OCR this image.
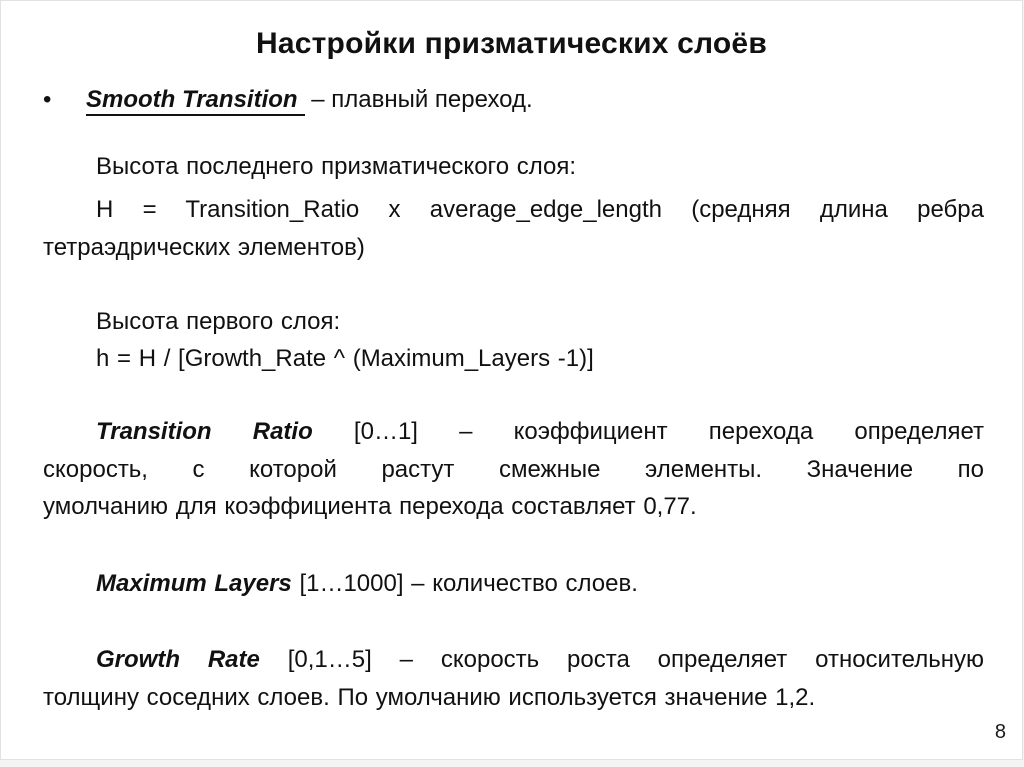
Настройки призматических слоёв
• Smooth Transition – плавный переход.
Высота последнего призматического слоя:
H = Transition_Ratio x average_edge_length (средняя длина ребра
тетраэдрических элементов)
Высота первого слоя:
h = H / [Growth_Rate ^ (Maximum_Layers -1)]
Transition Ratio [0…1] – коэффициент перехода определяет
скорость, с которой растут смежные элементы. Значение по
умолчанию для коэффициента перехода составляет 0,77.
Maximum Layers [1…1000] – количество слоев.
Growth Rate [0,1…5] – скорость роста определяет относительную
толщину соседних слоев. По умолчанию используется значение 1,2.
8
